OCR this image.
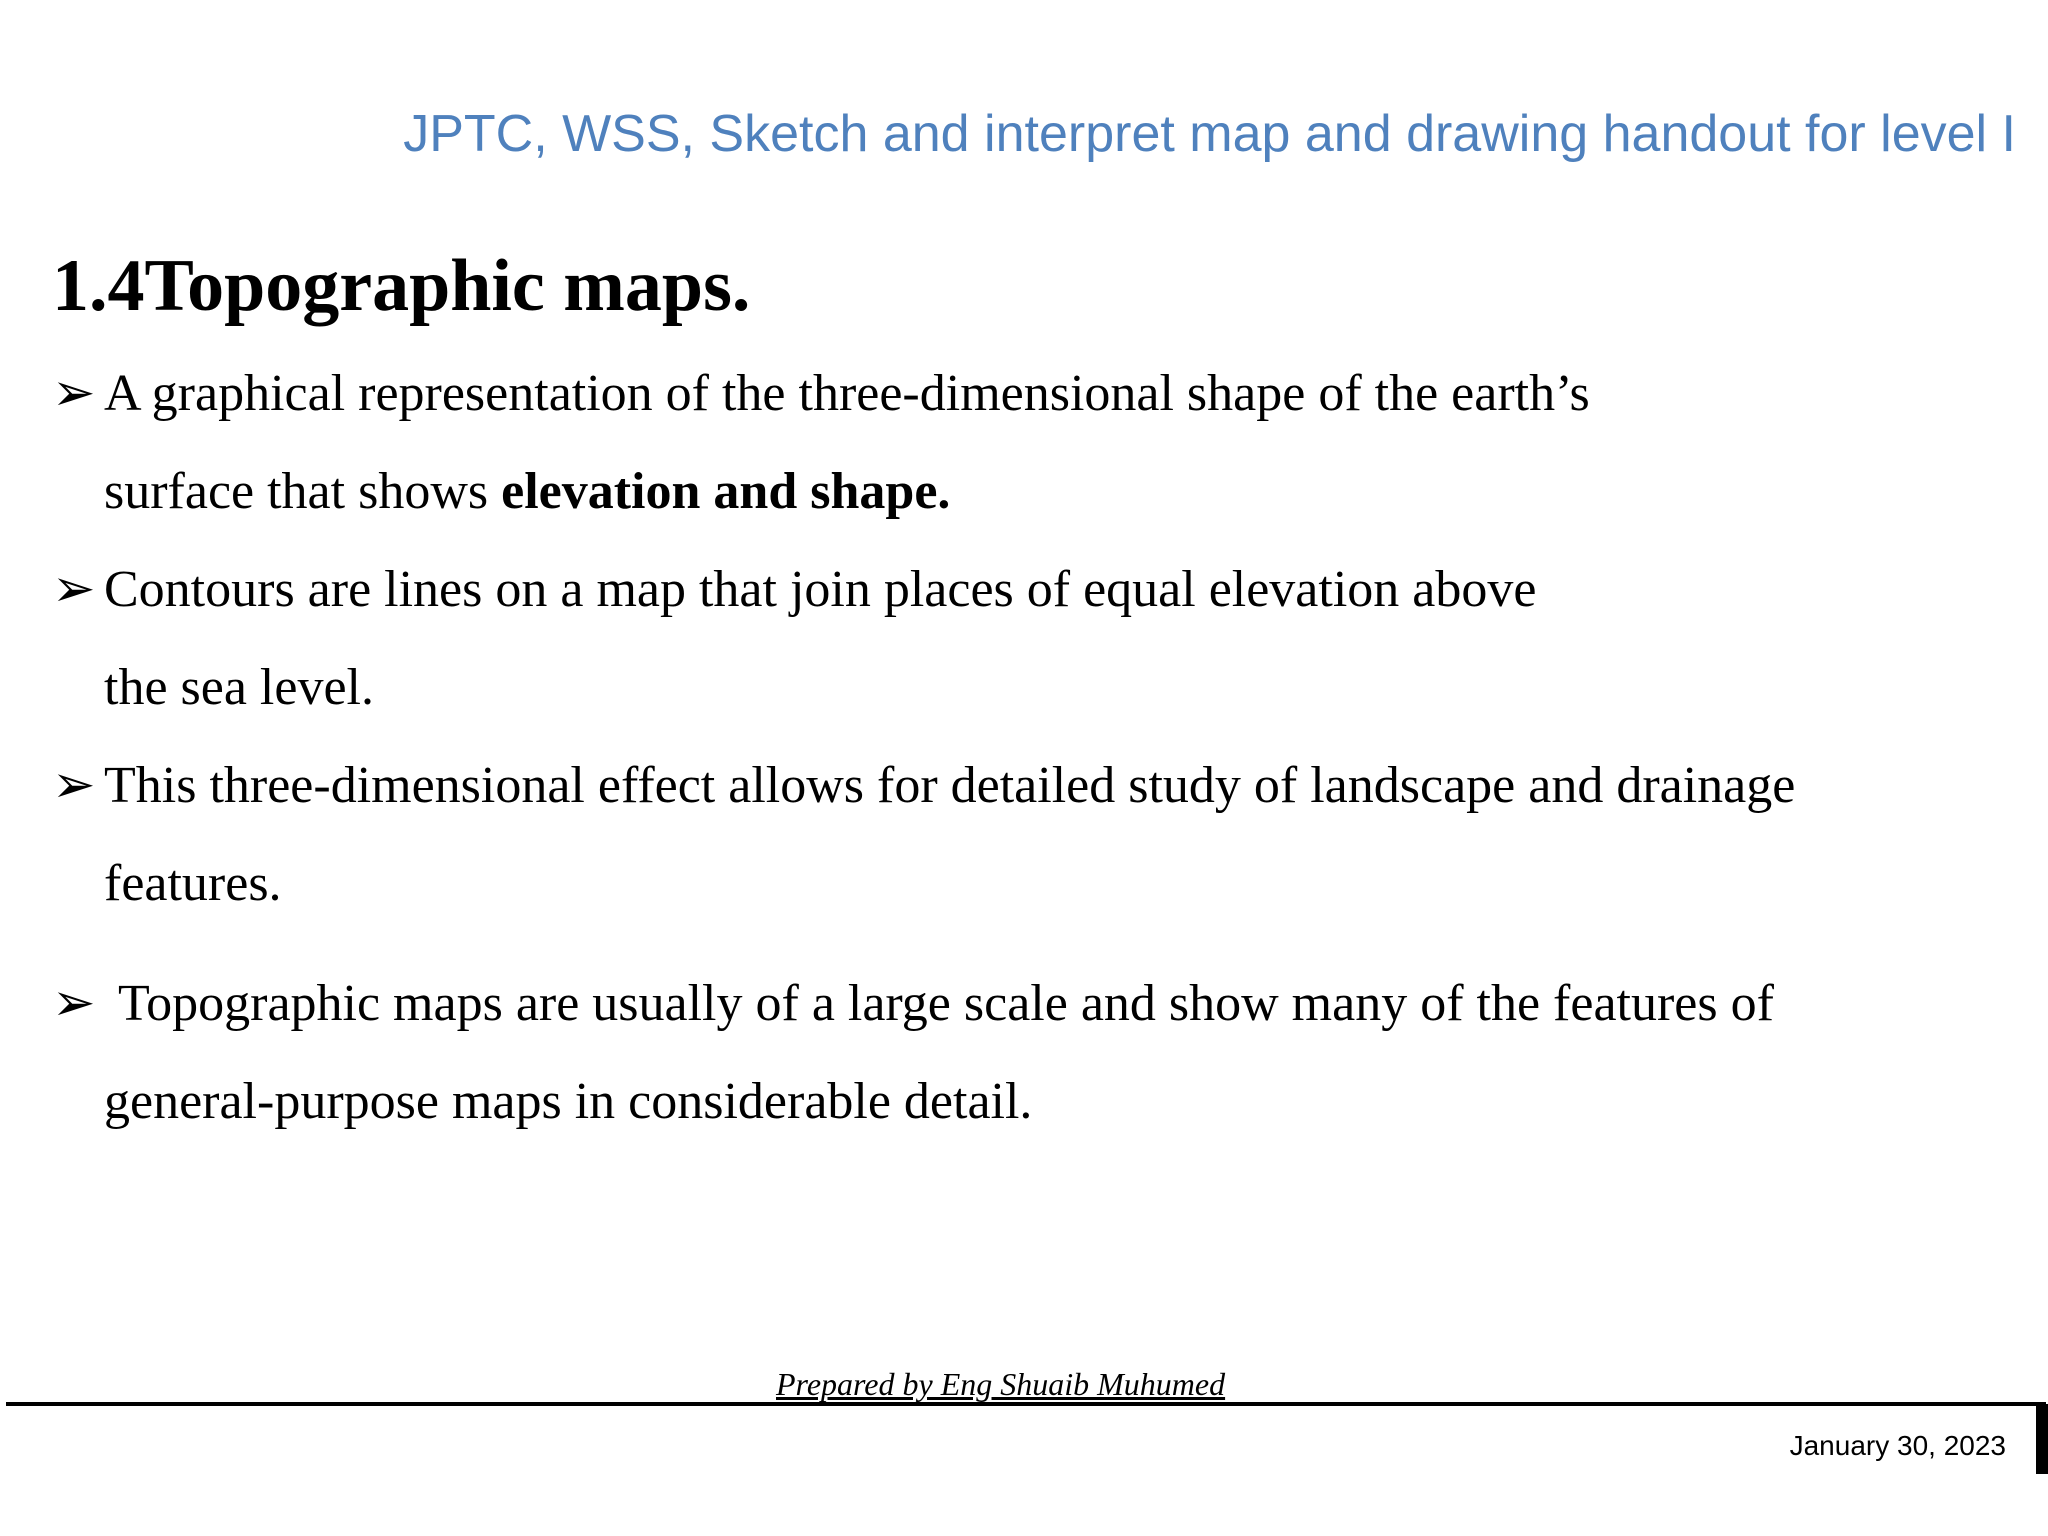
JPTC, WSS, Sketch and interpret map and drawing handout for level I
1.4Topographic maps.
➢ A graphical representation of the three-dimensional shape of the earth’s
surface that shows elevation and shape.
➢ Contours are lines on a map that join places of equal elevation above
the sea level.
➢ This three-dimensional effect allows for detailed study of landscape and drainage
features.
➢ Topographic maps are usually of a large scale and show many of the features of
general-purpose maps in considerable detail.
Prepared by Eng Shuaib Muhumed
January 30, 2023
